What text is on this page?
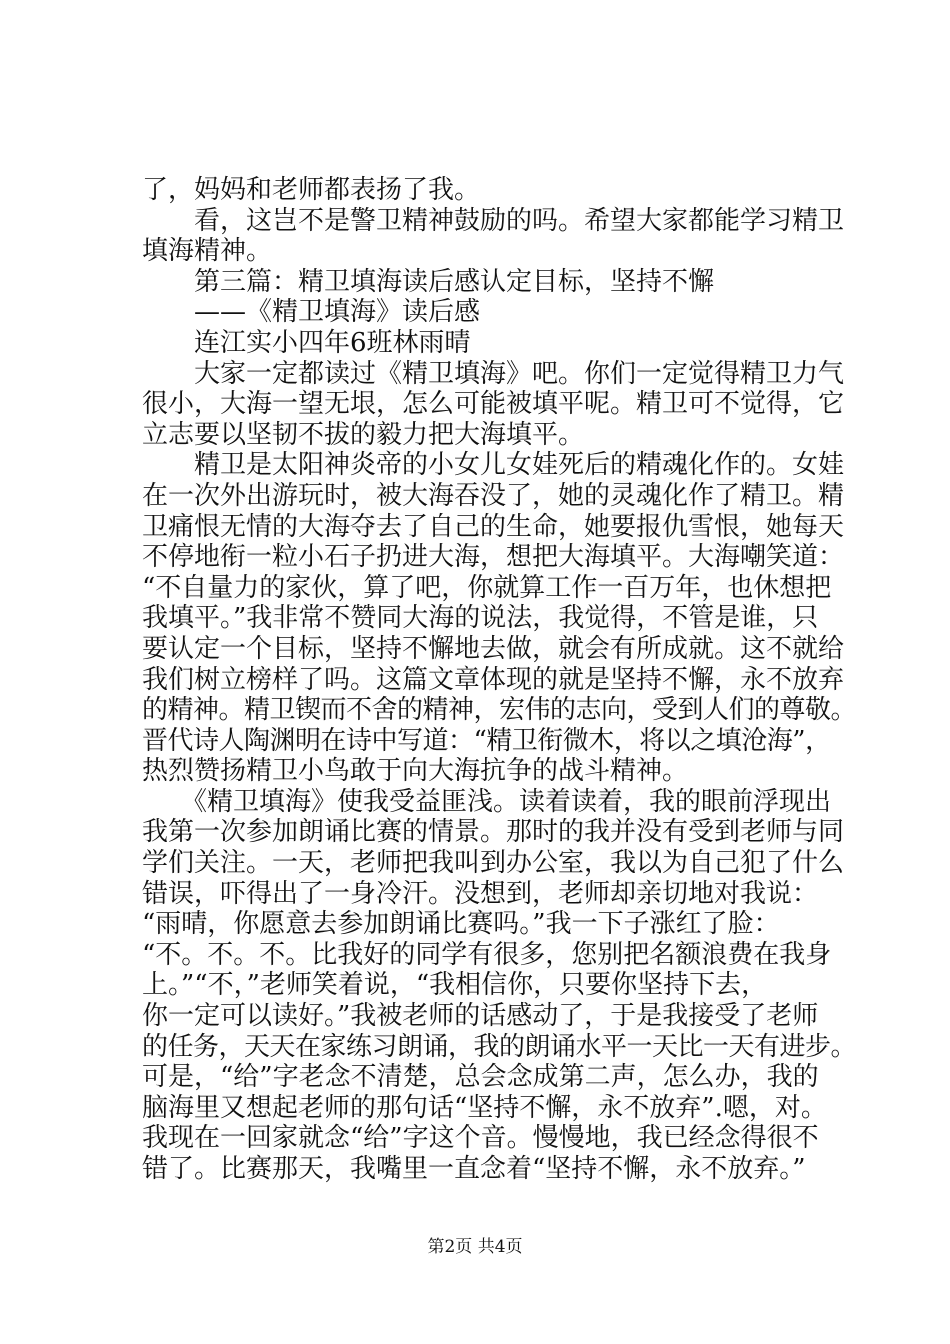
了，妈妈和老师都表扬了我。
　　看，这岂不是警卫精神鼓励的吗。希望大家都能学习精卫
填海精神。
　　第三篇：精卫填海读后感认定目标，坚持不懈
　　——《精卫填海》读后感
　　连江实小四年6班林雨晴
　　大家一定都读过《精卫填海》吧。你们一定觉得精卫力气
很小，大海一望无垠，怎么可能被填平呢。精卫可不觉得，它
立志要以坚韧不拔的毅力把大海填平。
　　精卫是太阳神炎帝的小女儿女娃死后的精魂化作的。女娃
在一次外出游玩时，被大海吞没了，她的灵魂化作了精卫。精
卫痛恨无情的大海夺去了自己的生命，她要报仇雪恨，她每天
不停地衔一粒小石子扔进大海，想把大海填平。大海嘲笑道：
“不自量力的家伙，算了吧，你就算工作一百万年，也休想把
我填平。”我非常不赞同大海的说法，我觉得，不管是谁，只
要认定一个目标，坚持不懈地去做，就会有所成就。这不就给
我们树立榜样了吗。这篇文章体现的就是坚持不懈，永不放弃
的精神。精卫锲而不舍的精神，宏伟的志向，受到人们的尊敬。
晋代诗人陶渊明在诗中写道：“精卫衔微木，将以之填沧海”，
热烈赞扬精卫小鸟敢于向大海抗争的战斗精神。
　　《精卫填海》使我受益匪浅。读着读着，我的眼前浮现出
我第一次参加朗诵比赛的情景。那时的我并没有受到老师与同
学们关注。一天，老师把我叫到办公室，我以为自己犯了什么
错误，吓得出了一身冷汗。没想到，老师却亲切地对我说：
“雨晴，你愿意去参加朗诵比赛吗。”我一下子涨红了脸：
“不。不。不。比我好的同学有很多，您别把名额浪费在我身
上。”“不，”老师笑着说，“我相信你，只要你坚持下去，
你一定可以读好。”我被老师的话感动了，于是我接受了老师
的任务，天天在家练习朗诵，我的朗诵水平一天比一天有进步。
可是，“给”字老念不清楚，总会念成第二声，怎么办，我的
脑海里又想起老师的那句话“坚持不懈，永不放弃”.嗯，对。
我现在一回家就念“给”字这个音。慢慢地，我已经念得很不
错了。比赛那天，我嘴里一直念着“坚持不懈，永不放弃。”
第2页 共4页
